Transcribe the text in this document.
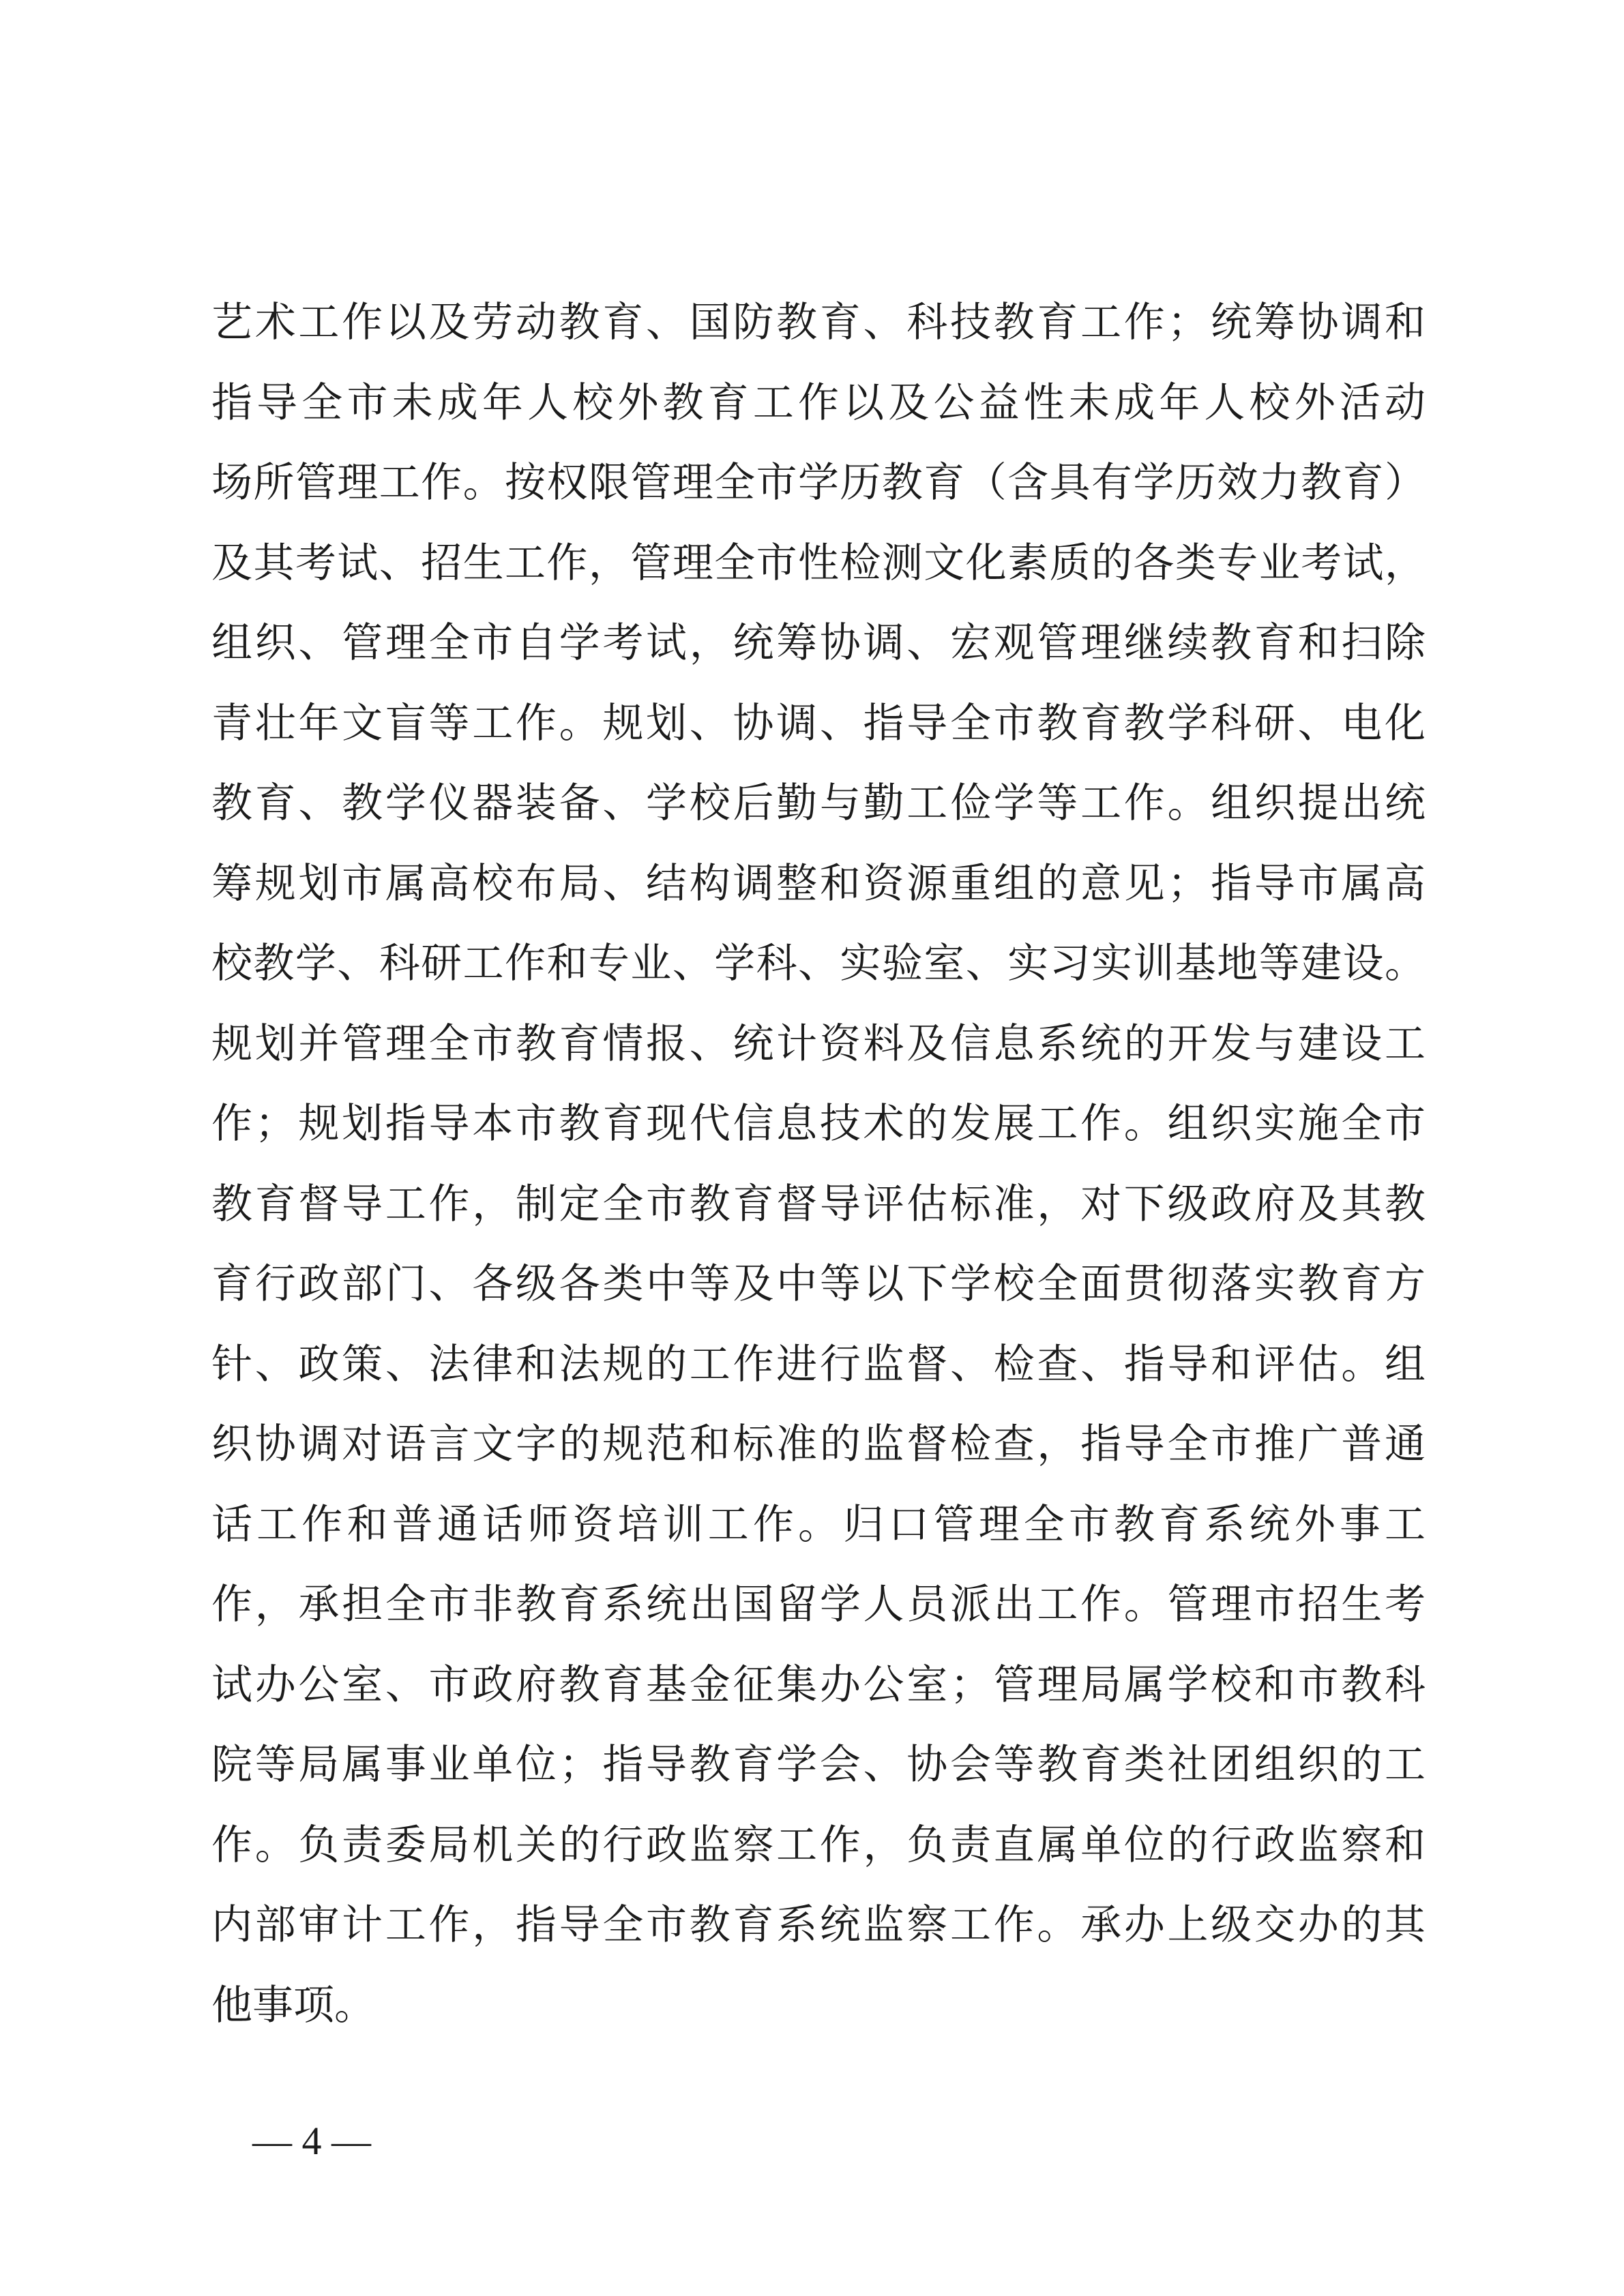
艺术工作以及劳动教育、国防教育、科技教育工作；统筹协调和
指导全市未成年人校外教育工作以及公益性未成年人校外活动
场所管理工作。按权限管理全市学历教育（含具有学历效力教育）
及其考试、招生工作，管理全市性检测文化素质的各类专业考试，
组织、管理全市自学考试，统筹协调、宏观管理继续教育和扫除
青壮年文盲等工作。规划、协调、指导全市教育教学科研、电化
教育、教学仪器装备、学校后勤与勤工俭学等工作。组织提出统
筹规划市属高校布局、结构调整和资源重组的意见；指导市属高
校教学、科研工作和专业、学科、实验室、实习实训基地等建设。
规划并管理全市教育情报、统计资料及信息系统的开发与建设工
作；规划指导本市教育现代信息技术的发展工作。组织实施全市
教育督导工作，制定全市教育督导评估标准，对下级政府及其教
育行政部门、各级各类中等及中等以下学校全面贯彻落实教育方
针、政策、法律和法规的工作进行监督、检查、指导和评估。组
织协调对语言文字的规范和标准的监督检查，指导全市推广普通
话工作和普通话师资培训工作。归口管理全市教育系统外事工
作，承担全市非教育系统出国留学人员派出工作。管理市招生考
试办公室、市政府教育基金征集办公室；管理局属学校和市教科
院等局属事业单位；指导教育学会、协会等教育类社团组织的工
作。负责委局机关的行政监察工作，负责直属单位的行政监察和
内部审计工作，指导全市教育系统监察工作。承办上级交办的其
他事项。
— 4 —
